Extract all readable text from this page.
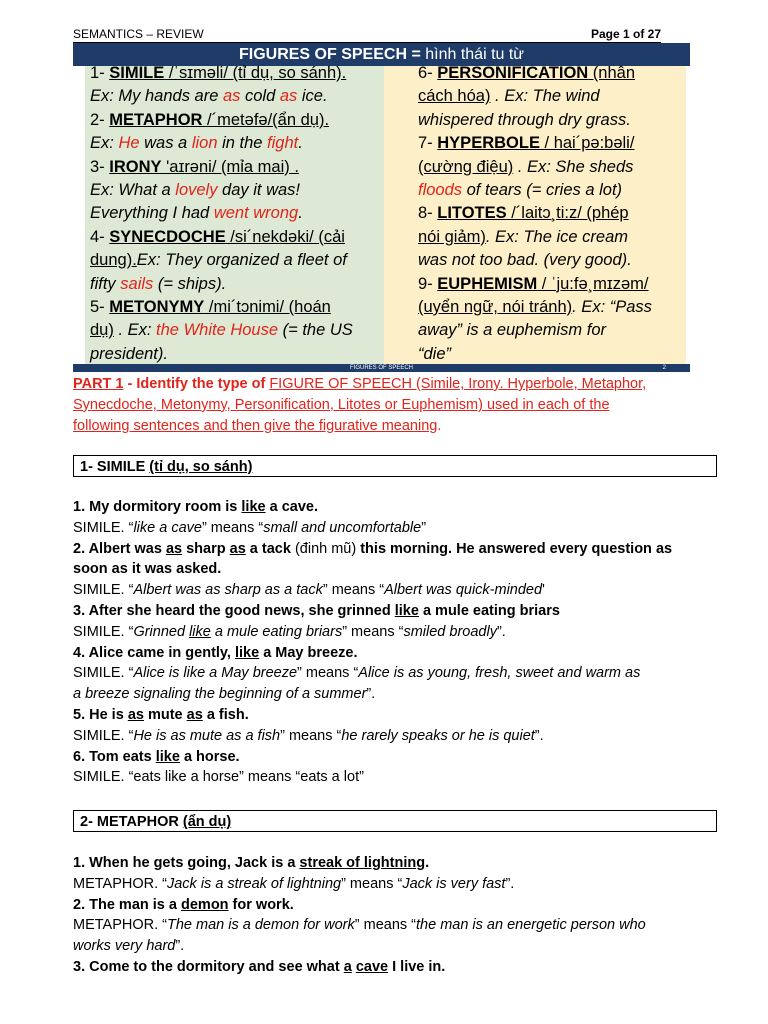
SEMANTICS – REVIEW	Page 1 of 27
FIGURES OF SPEECH = hình thái tu từ
1- SIMILE /ˈsɪməli/ (tỉ dụ, so sánh).
Ex: My hands are as cold as ice.
2- METAPHOR /´metəfə/(ẩn dụ).
Ex: He was a lion in the fight.
3- IRONY 'aɪrəni/ (mỉa mai) .
Ex: What a lovely day it was!
Everything I had went wrong.
4- SYNECDOCHE /si´nekdəki/ (cải
dung).Ex: They organized a fleet of
fifty sails (= ships).
5- METONYMY /mi´tɔnimi/ (hoán
dụ) . Ex: the White House (= the US
president).
6- PERSONIFICATION (nhân
cách hóa) . Ex: The wind
whispered through dry grass.
7- HYPERBOLE / hai´pə:bəli/
(cường điệu) . Ex: She sheds
floods of tears (= cries a lot)
8- LITOTES /´laitɔ¸ti:z/ (phép
nói giảm). Ex: The ice cream
was not too bad. (very good).
9- EUPHEMISM / ˈju:fə¸mɪzəm/
(uyển ngữ, nói tránh). Ex: “Pass
away” is a euphemism for
“die”
FIGURES OF SPEECH	2
PART 1 - Identify the type of FIGURE OF SPEECH (Simile, Irony. Hyperbole, Metaphor,
Synecdoche, Metonymy, Personification, Litotes or Euphemism) used in each of the
following sentences and then give the figurative meaning.
1- SIMILE (tỉ dụ, so sánh)
1. My dormitory room is like a cave.
SIMILE. “like a cave” means “small and uncomfortable”
2. Albert was as sharp as a tack (đinh mũ) this morning. He answered every question as
soon as it was asked.
SIMILE. “Albert was as sharp as a tack” means “Albert was quick-minded'
3. After she heard the good news, she grinned like a mule eating briars
SIMILE. “Grinned like a mule eating briars” means “smiled broadly”.
4. Alice came in gently, like a May breeze.
SIMILE. “Alice is like a May breeze” means “Alice is as young, fresh, sweet and warm as
a breeze signaling the beginning of a summer”.
5. He is as mute as a fish.
SIMILE. “He is as mute as a fish” means “he rarely speaks or he is quiet”.
6. Tom eats like a horse.
SIMILE. “eats like a horse” means “eats a lot”
2- METAPHOR (ẩn dụ)
1. When he gets going, Jack is a streak of lightning.
METAPHOR. “Jack is a streak of lightning” means “Jack is very fast”.
2. The man is a demon for work.
METAPHOR. “The man is a demon for work” means “the man is an energetic person who
works very hard”.
3. Come to the dormitory and see what a cave I live in.
